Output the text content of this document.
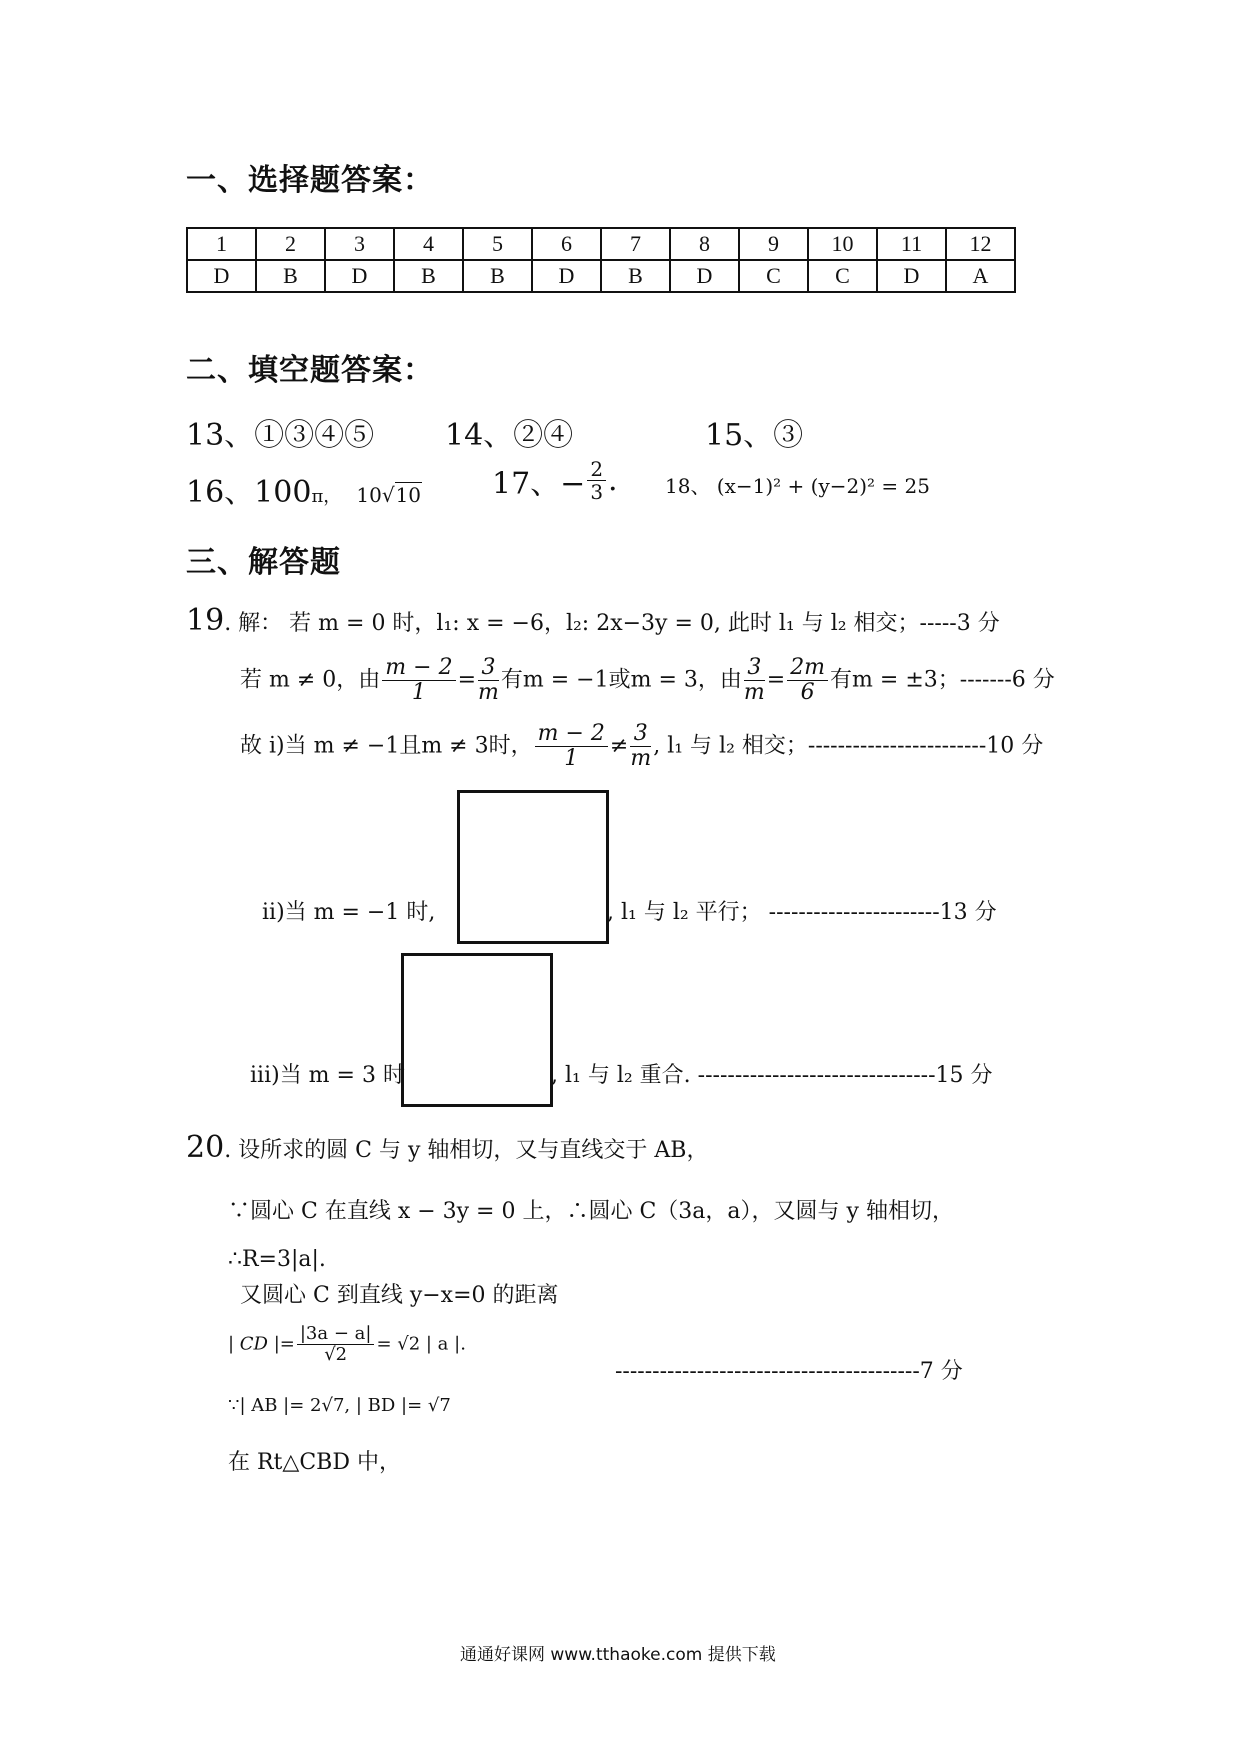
一、选择题答案：
1	2	3	4	5	6	7	8	9	10	11	12
D	B	D	B	B	D	B	D	C	C	D	A
二、填空题答案：
13、①③④⑤ 14、②④	15、③
16、100π， 10√10 17、− $\frac{2}{3}$ . 18、 (x−1)² + (y−2)² = 25
三、解答题
19. 解： 若 m = 0 时，l₁: x = −6，l₂: 2x−3y = 0, 此时 l₁ 与 l₂ 相交；-----3 分
若 m ≠ 0，由 $\frac{m - 2}{1} = \frac{3}{m}$ 有m = −1或m = 3，由 $\frac{3}{m} = \frac{2m}{6}$ 有m = ±3；-------6 分
故 i)当 m ≠ −1且m ≠ 3时， $\frac{m - 2}{1} \ne \frac{3}{m}$ , l₁ 与 l₂ 相交；------------------------10 分
ii)当 m = −1 时,	, l₁ 与 l₂ 平行； -----------------------13 分
iii)当 m = 3 时	, l₁ 与 l₂ 重合. --------------------------------15 分
20. 设所求的圆 C 与 y 轴相切，又与直线交于 AB，
∵圆心 C 在直线 x − 3y = 0 上，∴圆心 C（3a，a），又圆与 y 轴相切，
∴R=3|a|.
又圆心 C 到直线 y−x=0 的距离
| CD |= $\frac{|3a - a|}{√2} = √2$ | a |.
-----------------------------------------7 分
∵| AB |= 2√7, | BD |= √7
在 Rt△CBD 中，
通通好课网 www.tthaoke.com 提供下载
